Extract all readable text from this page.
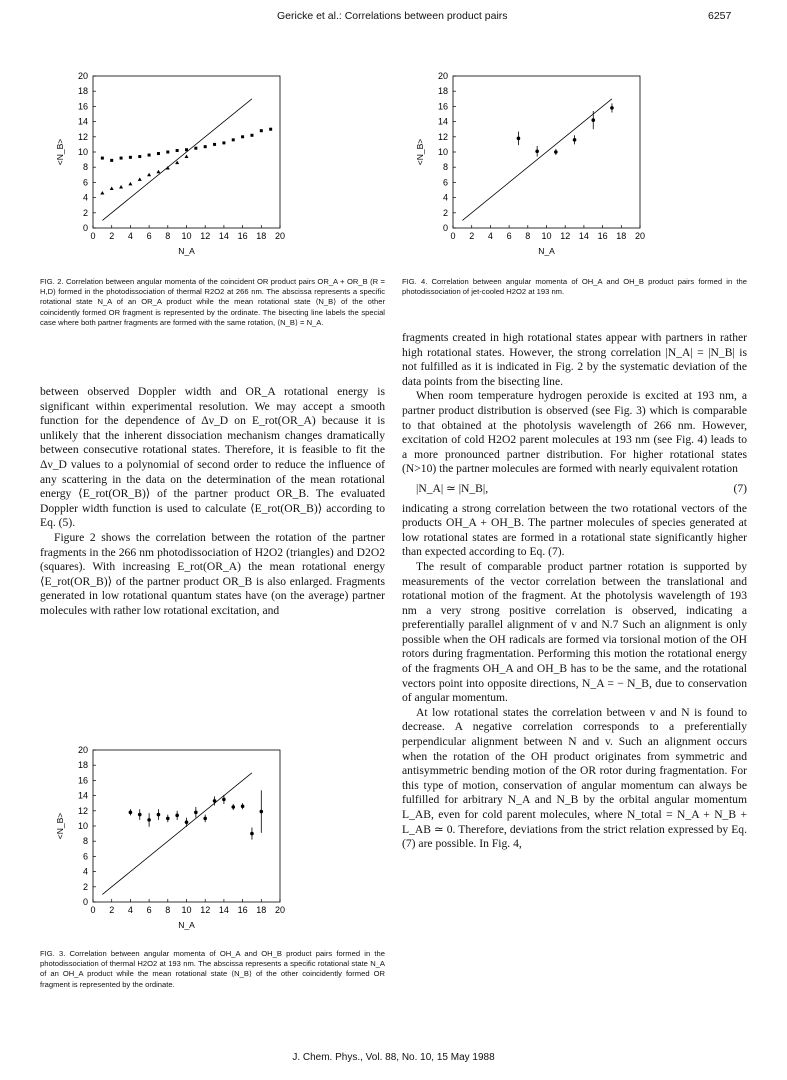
Gericke et al.: Correlations between product pairs	6257
0
0
2
2
4
4
6
6
8
8
10
10
12
12
14
14
16
16
18
18
20
20
N_A
<N_B>

FIG. 2. Correlation between angular momenta of the coincident OR product pairs OR_A + OR_B (R = H,D) formed in the photodissociation of thermal R2O2 at 266 nm. The abscissa represents a specific rotational state N_A of an OR_A product while the mean rotational state ⟨N_B⟩ of the other coincidently formed OR fragment is represented by the ordinate. The bisecting line labels the special case where both partner fragments are formed with the same rotation, ⟨N_B⟩ = N_A.

0
0
2
2
4
4
6
6
8
8
10
10
12
12
14
14
16
16
18
18
20
20
N_A
<N_B>

FIG. 4. Correlation between angular momenta of OH_A and OH_B product pairs formed in the photodissociation of jet-cooled H2O2 at 193 nm.

between observed Doppler width and OR_A rotational energy is significant within experimental resolution. We may accept a smooth function for the dependence of Δν_D on E_rot(OR_A) because it is unlikely that the inherent dissociation mechanism changes dramatically between consecutive rotational states. Therefore, it is feasible to fit the Δν_D values to a polynomial of second order to reduce the influence of any scattering in the data on the determination of the mean rotational energy ⟨E_rot(OR_B)⟩ of the partner product OR_B. The evaluated Doppler width function is used to calculate ⟨E_rot(OR_B)⟩ according to Eq. (5).

Figure 2 shows the correlation between the rotation of the partner fragments in the 266 nm photodissociation of H2O2 (triangles) and D2O2 (squares). With increasing E_rot(OR_A) the mean rotational energy ⟨E_rot(OR_B)⟩ of the partner product OR_B is also enlarged. Fragments generated in low rotational quantum states have (on the average) partner molecules with rather low rotational excitation, and

0
0
2
2
4
4
6
6
8
8
10
10
12
12
14
14
16
16
18
18
20
20
N_A
<N_B>

FIG. 3. Correlation between angular momenta of OH_A and OH_B product pairs formed in the photodissociation of thermal H2O2 at 193 nm. The abscissa represents a specific rotational state N_A of an OH_A product while the mean rotational state ⟨N_B⟩ of the other coincidently formed OR fragment is represented by the ordinate.

fragments created in high rotational states appear with partners in rather high rotational states. However, the strong correlation |N_A| = |N_B| is not fulfilled as it is indicated in Fig. 2 by the systematic deviation of the data points from the bisecting line.

When room temperature hydrogen peroxide is excited at 193 nm, a partner product distribution is observed (see Fig. 3) which is comparable to that obtained at the photolysis wavelength of 266 nm. However, excitation of cold H2O2 parent molecules at 193 nm (see Fig. 4) leads to a more pronounced partner distribution. For higher rotational states (N>10) the partner molecules are formed with nearly equivalent rotation

|N_A| ≃ |N_B|,	(7)

indicating a strong correlation between the two rotational vectors of the products OH_A + OH_B. The partner molecules of species generated at low rotational states are formed in a rotational state significantly higher than expected according to Eq. (7).

The result of comparable product partner rotation is supported by measurements of the vector correlation between the translational and rotational motion of the fragment. At the photolysis wavelength of 193 nm a very strong positive correlation is observed, indicating a preferentially parallel alignment of v and N.7 Such an alignment is only possible when the OH radicals are formed via torsional motion of the OH rotors during fragmentation. Performing this motion the rotational energy of the fragments OH_A and OH_B has to be the same, and the rotational vectors point into opposite directions, N_A = − N_B, due to conservation of angular momentum.

At low rotational states the correlation between v and N is found to decrease. A negative correlation corresponds to a preferentially perpendicular alignment between N and v. Such an alignment occurs when the rotation of the OH product originates from symmetric and antisymmetric bending motion of the OR rotor during fragmentation. For this type of motion, conservation of angular momentum can always be fulfilled for arbitrary N_A and N_B by the orbital angular momentum L_AB, even for cold parent molecules, where N_total = N_A + N_B + L_AB ≃ 0. Therefore, deviations from the strict relation expressed by Eq. (7) are possible. In Fig. 4,

J. Chem. Phys., Vol. 88, No. 10, 15 May 1988
